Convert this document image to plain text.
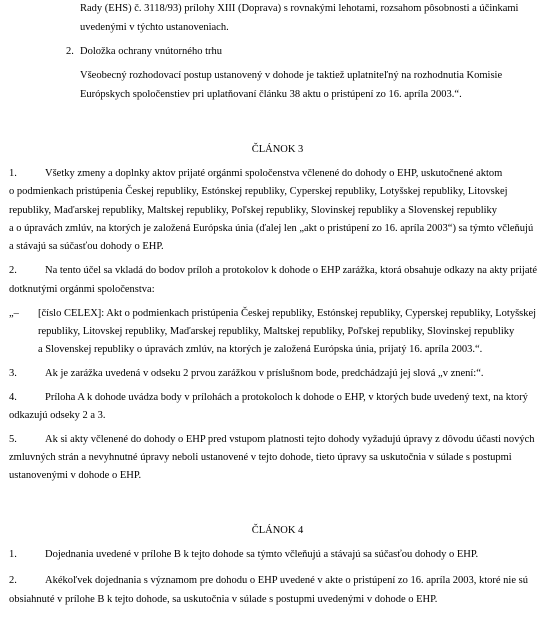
Rady (EHS) č. 3118/93) prílohy XIII (Doprava) s rovnakými lehotami, rozsahom pôsobnosti a účinkami
uvedenými v týchto ustanoveniach.
2. Doložka ochrany vnútorného trhu
Všeobecný rozhodovací postup ustanovený v dohode je taktiež uplatniteľný na rozhodnutia Komisie
Európskych spoločenstiev pri uplatňovaní článku 38 aktu o pristúpení zo 16. apríla 2003.“.
ČLÁNOK 3
1.	Všetky zmeny a doplnky aktov prijaté orgánmi spoločenstva včlenené do dohody o EHP, uskutočnené aktom
o podmienkach pristúpenia Českej republiky, Estónskej republiky, Cyperskej republiky, Lotyšskej republiky, Litovskej
republiky, Maďarskej republiky, Maltskej republiky, Poľskej republiky, Slovinskej republiky a Slovenskej republiky
a o úpravách zmlúv, na ktorých je založená Európska únia (ďalej len „akt o pristúpení zo 16. apríla 2003“) sa týmto včleňujú
a stávajú sa súčasťou dohody o EHP.
2.	Na tento účel sa vkladá do bodov príloh a protokolov k dohode o EHP zarážka, ktorá obsahuje odkazy na akty prijaté
dotknutými orgánmi spoločenstva:
„– [číslo CELEX]: Akt o podmienkach pristúpenia Českej republiky, Estónskej republiky, Cyperskej republiky, Lotyšskej
republiky, Litovskej republiky, Maďarskej republiky, Maltskej republiky, Poľskej republiky, Slovinskej republiky
a Slovenskej republiky o úpravách zmlúv, na ktorých je založená Európska únia, prijatý 16. apríla 2003.“.
3.	Ak je zarážka uvedená v odseku 2 prvou zarážkou v príslušnom bode, predchádzajú jej slová „v znení:“.
4.	Príloha A k dohode uvádza body v prílohách a protokoloch k dohode o EHP, v ktorých bude uvedený text, na ktorý
odkazujú odseky 2 a 3.
5.	Ak si akty včlenené do dohody o EHP pred vstupom platnosti tejto dohody vyžadujú úpravy z dôvodu účasti nových
zmluvných strán a nevyhnutné úpravy neboli ustanovené v tejto dohode, tieto úpravy sa uskutočnia v súlade s postupmi
ustanovenými v dohode o EHP.
ČLÁNOK 4
1.	Dojednania uvedené v prílohe B k tejto dohode sa týmto včleňujú a stávajú sa súčasťou dohody o EHP.
2.	Akékoľvek dojednania s významom pre dohodu o EHP uvedené v akte o pristúpení zo 16. apríla 2003, ktoré nie sú
obsiahnuté v prílohe B k tejto dohode, sa uskutočnia v súlade s postupmi uvedenými v dohode o EHP.
